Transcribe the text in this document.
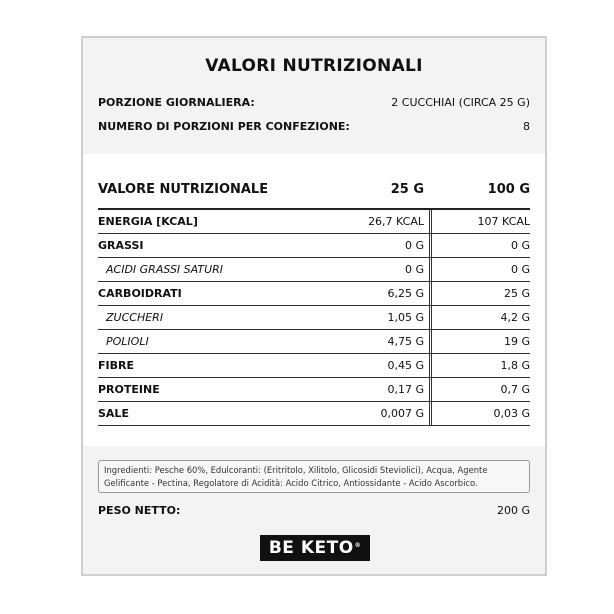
VALORI NUTRIZIONALI
PORZIONE GIORNALIERA:	2 CUCCHIAI (CIRCA 25 G)
NUMERO DI PORZIONI PER CONFEZIONE:	8
VALORE NUTRIZIONALE	25 G	100 G
ENERGIA [KCAL]	26,7 KCAL	107 KCAL
GRASSI	0 G	0 G
ACIDI GRASSI SATURI	0 G	0 G
CARBOIDRATI	6,25 G	25 G
ZUCCHERI	1,05 G	4,2 G
POLIOLI	4,75 G	19 G
FIBRE	0,45 G	1,8 G
PROTEINE	0,17 G	0,7 G
SALE	0,007 G	0,03 G
Ingredienti: Pesche 60%, Edulcoranti: (Eritritolo, Xilitolo, Glicosidi Steviolici), Acqua, Agente Gelificante - Pectina, Regolatore di Acidità: Acido Citrico, Antiossidante - Acido Ascorbico.
PESO NETTO:	200 G
BE KETO®
